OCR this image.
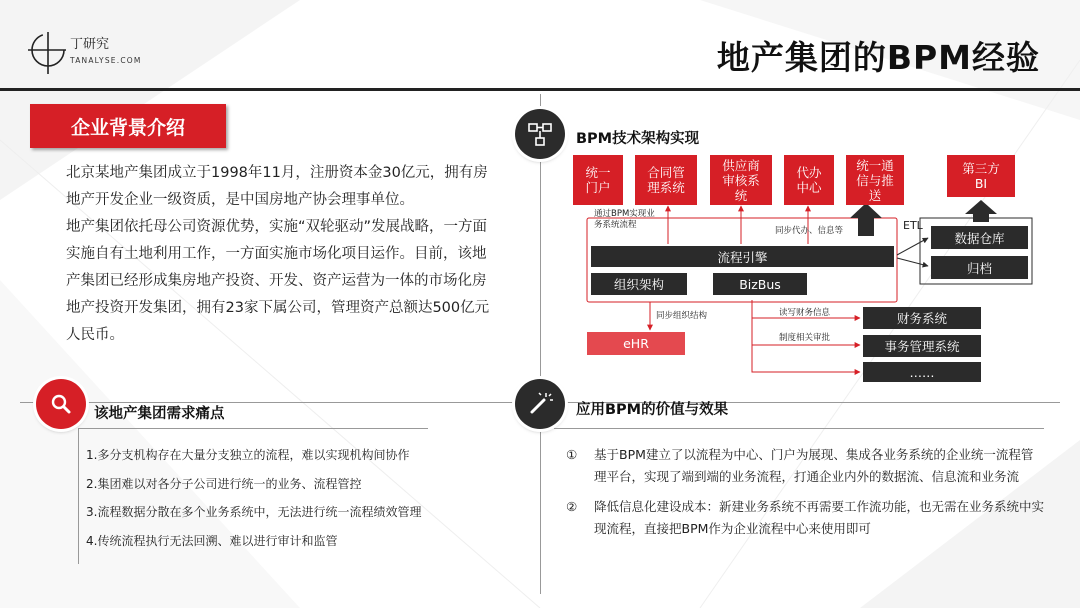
丁研究
TANALYSE.COM	地产集团的BPM经验
企业背景介绍

北京某地产集团成立于1998年11月，注册资本金30亿元，拥有房地产开发企业一级资质，是中国房地产协会理事单位。

地产集团依托母公司资源优势，实施“双轮驱动”发展战略，一方面实施自有土地利用工作，一方面实施市场化项目运作。目前，该地产集团已经形成集房地产投资、开发、资产运营为一体的市场化房地产投资开发集团，拥有23家下属公司，管理资产总额达500亿元人民币。

该地产集团需求痛点
1.多分支机构存在大量分支独立的流程，难以实现机构间协作
2.集团难以对各分子公司进行统一的业务、流程管控
3.流程数据分散在多个业务系统中，无法进行统一流程绩效管理
4.传统流程执行无法回溯、难以进行审计和监管
BPM技术架构实现
统一
门户
合同管
理系统
供应商
审核系
统
代办
中心
统一通
信与推
送
第三方
BI
通过BPM实现业
务系统流程
同步代办、信息等
流程引擎
组织架构	BizBus
ETL
数据仓库
归档
同步组织结构	读写财务信息
制度相关审批
eHR
财务系统
事务管理系统
……
应用BPM的价值与效果
① 基于BPM建立了以流程为中心、门户为展现、集成各业务系统的企业统一流程管理平台，实现了端到端的业务流程，打通企业内外的数据流、信息流和业务流
② 降低信息化建设成本：新建业务系统不再需要工作流功能，也无需在业务系统中实现流程，直接把BPM作为企业流程中心来使用即可
